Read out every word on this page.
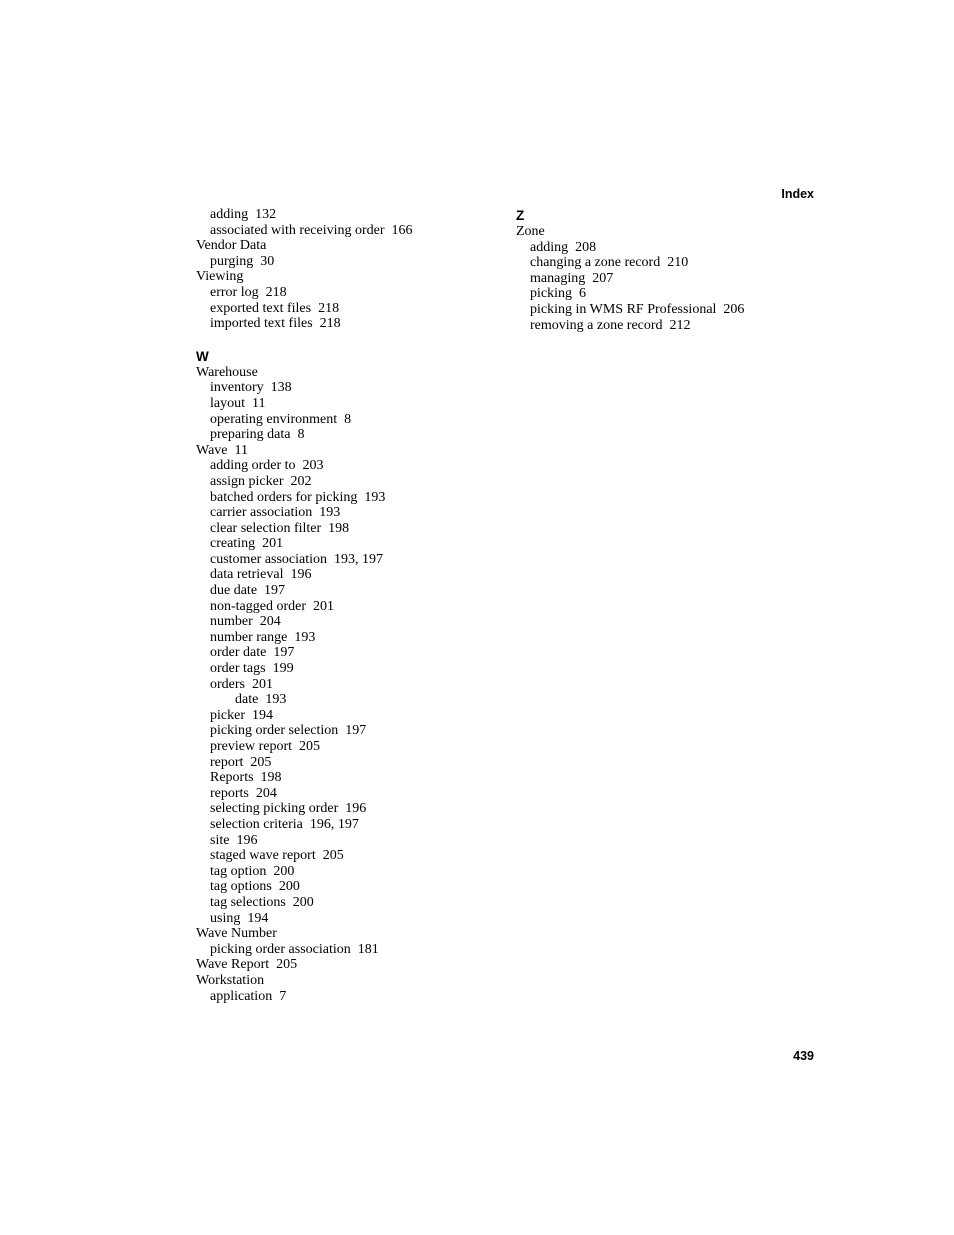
Index
adding  132
associated with receiving order  166
Vendor Data
purging  30
Viewing
error log  218
exported text files  218
imported text files  218
W
Warehouse
inventory  138
layout  11
operating environment  8
preparing data  8
Wave  11
adding order to  203
assign picker  202
batched orders for picking  193
carrier association  193
clear selection filter  198
creating  201
customer association  193, 197
data retrieval  196
due date  197
non-tagged order  201
number  204
number range  193
order date  197
order tags  199
orders  201
date  193
picker  194
picking order selection  197
preview report  205
report  205
Reports  198
reports  204
selecting picking order  196
selection criteria  196, 197
site  196
staged wave report  205
tag option  200
tag options  200
tag selections  200
using  194
Wave Number
picking order association  181
Wave Report  205
Workstation
application  7
Z
Zone
adding  208
changing a zone record  210
managing  207
picking  6
picking in WMS RF Professional  206
removing a zone record  212
439
